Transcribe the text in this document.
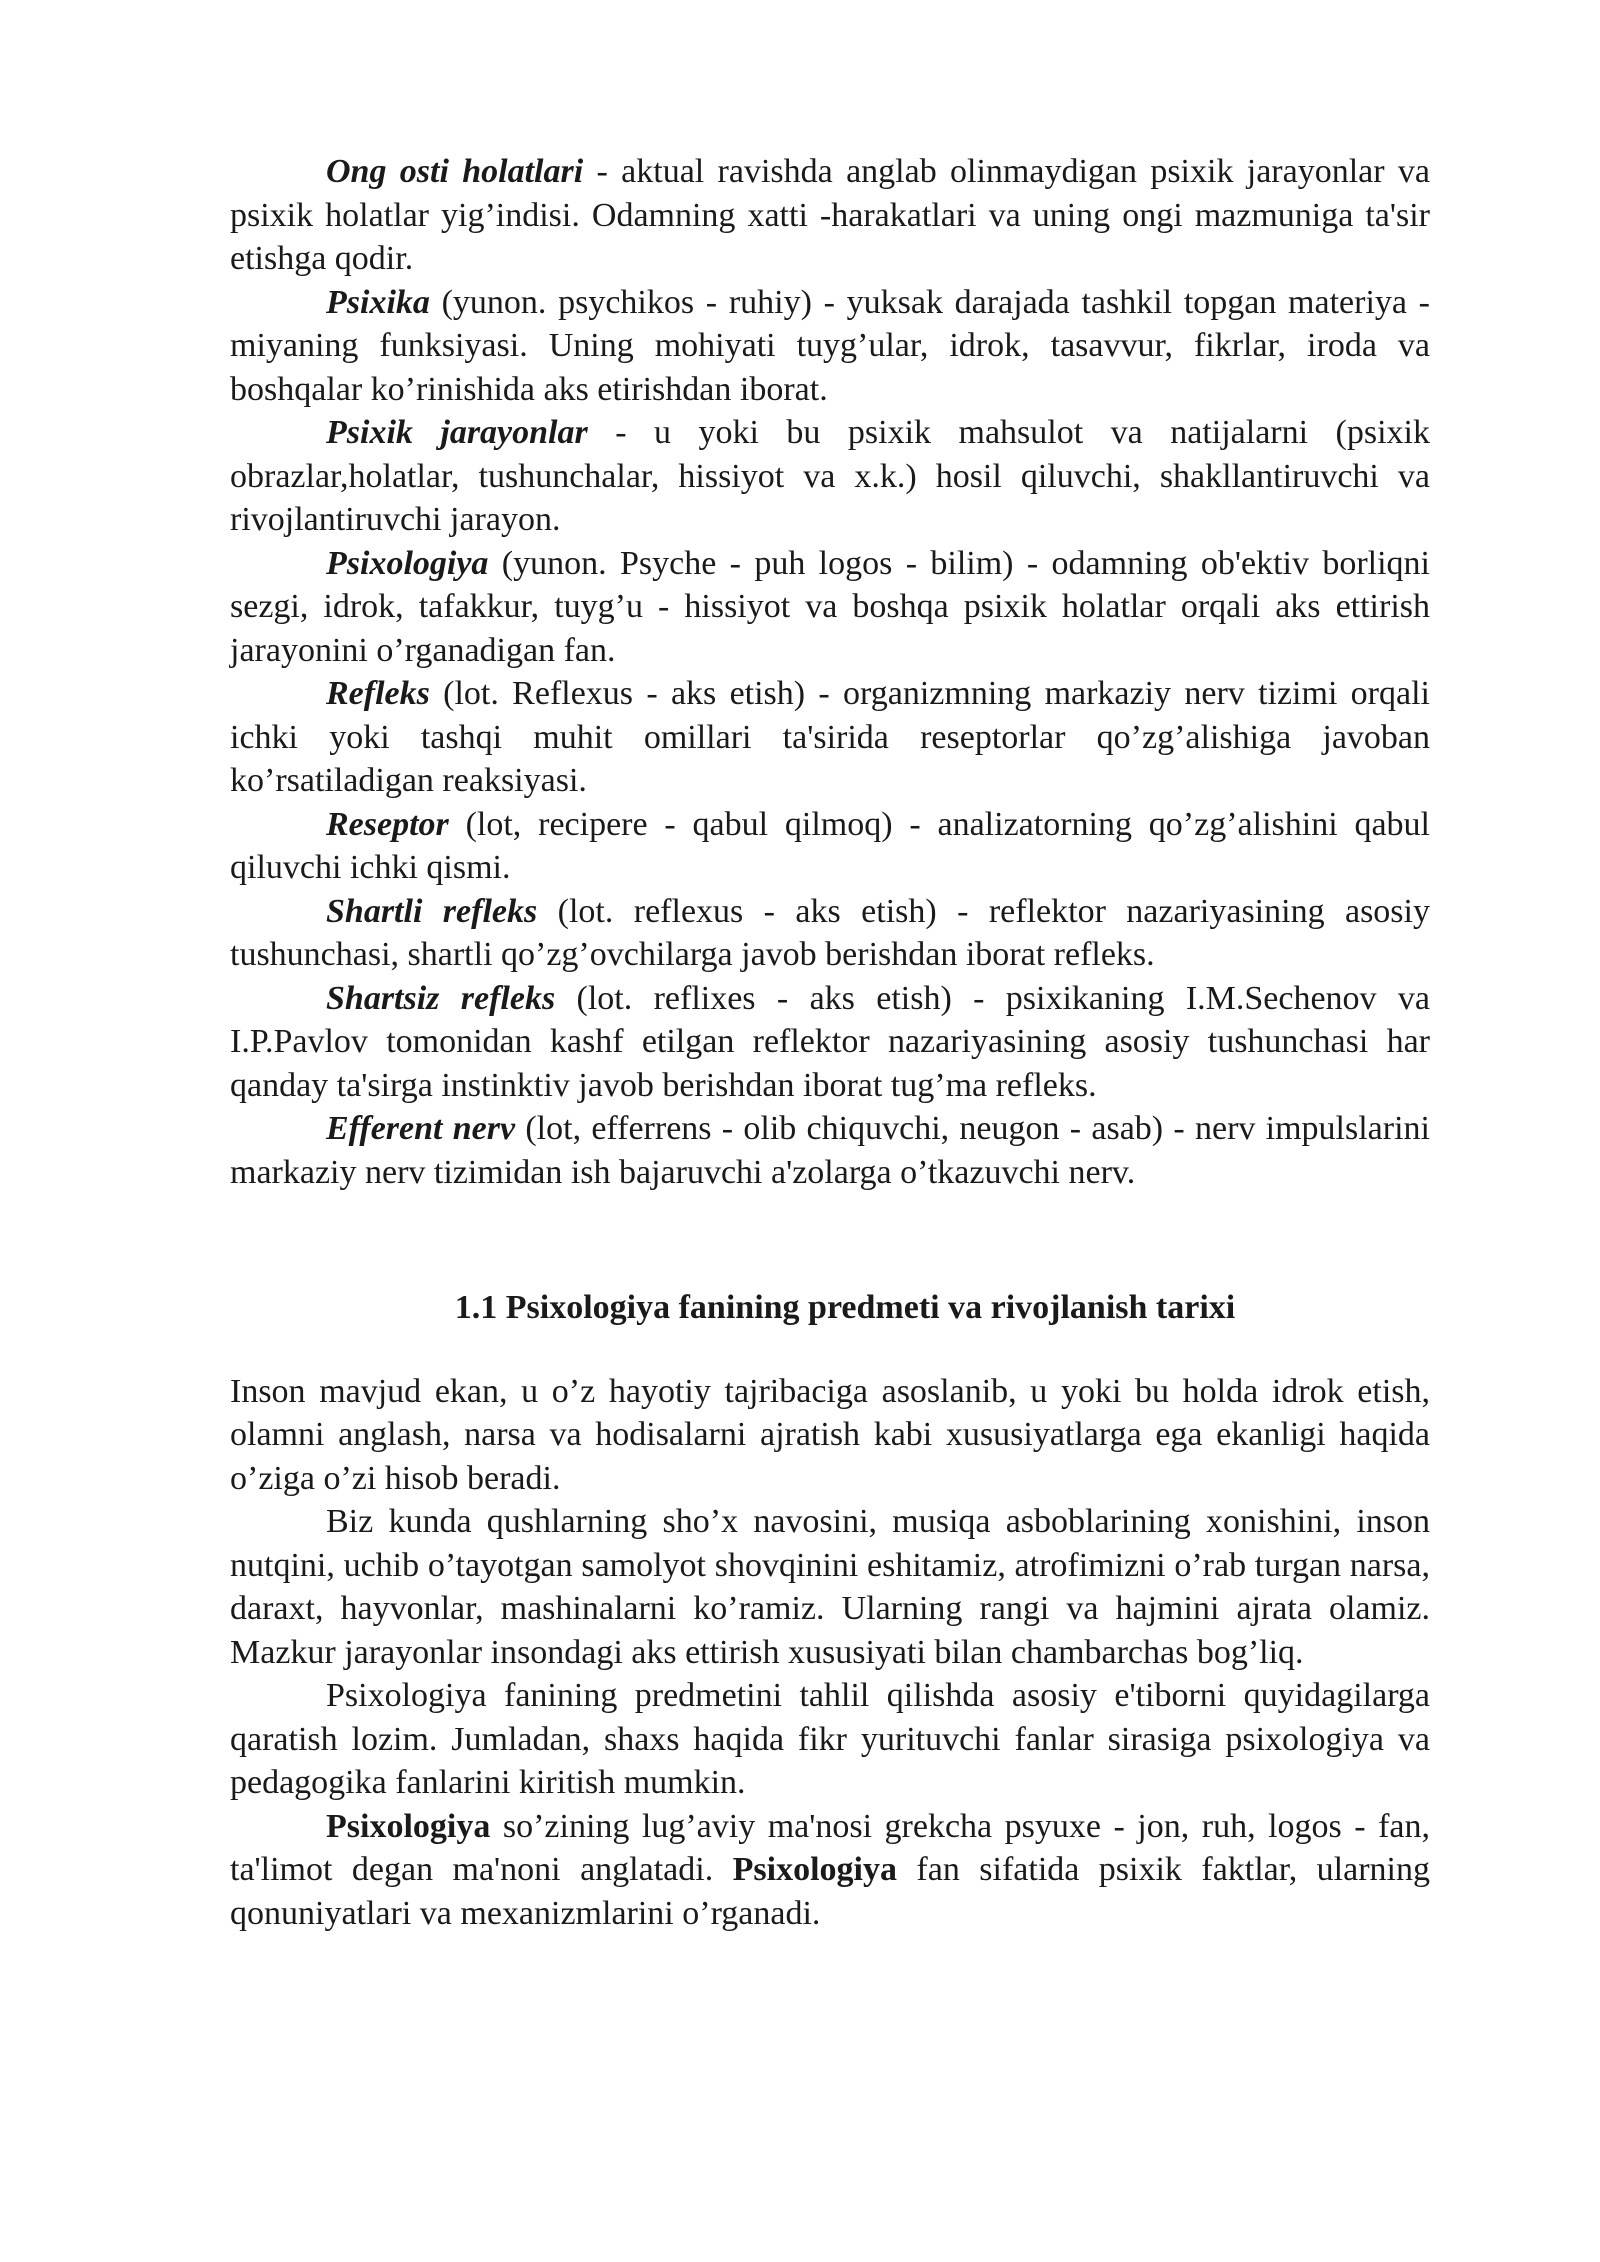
Ong osti holatlari - aktual ravishda anglab olinmaydigan psixik jarayonlar va psixik holatlar yig’indisi. Odamning xatti -harakatlari va uning ongi mazmuniga ta'sir etishga qodir.

Psixika (yunon. psychikos - ruhiy) - yuksak darajada tashkil topgan materiya - miyaning funksiyasi. Uning mohiyati tuyg’ular, idrok, tasavvur, fikrlar, iroda va boshqalar ko’rinishida aks etirishdan iborat.

Psixik jarayonlar - u yoki bu psixik mahsulot va natijalarni (psixik obrazlar,holatlar, tushunchalar, hissiyot va x.k.) hosil qiluvchi, shakllantiruvchi va rivojlantiruvchi jarayon.

Psixologiya (yunon. Psyche - puh logos - bilim) - odamning ob'ektiv borliqni sezgi, idrok, tafakkur, tuyg’u - hissiyot va boshqa psixik holatlar orqali aks ettirish jarayonini o’rganadigan fan.

Refleks (lot. Reflexus - aks etish) - organizmning markaziy nerv tizimi orqali ichki yoki tashqi muhit omillari ta'sirida reseptorlar qo’zg’alishiga javoban ko’rsatiladigan reaksiyasi.

Reseptor (lot, recipere - qabul qilmoq) - analizatorning qo’zg’alishini qabul qiluvchi ichki qismi.

Shartli refleks (lot. reflexus - aks etish) - reflektor nazariyasining asosiy tushunchasi, shartli qo’zg’ovchilarga javob berishdan iborat refleks.

Shartsiz refleks (lot. reflixes - aks etish) - psixikaning I.M.Sechenov va I.P.Pavlov tomonidan kashf etilgan reflektor nazariyasining asosiy tushunchasi har qanday ta'sirga instinktiv javob berishdan iborat tug’ma refleks.

Efferent nerv (lot, efferrens - olib chiquvchi, neugon - asab) - nerv impulslarini markaziy nerv tizimidan ish bajaruvchi a'zolarga o’tkazuvchi nerv.

1.1 Psixologiya fanining predmeti va rivojlanish tarixi

Inson mavjud ekan, u o’z hayotiy tajribaciga asoslanib, u yoki bu holda idrok etish, olamni anglash, narsa va hodisalarni ajratish kabi xususiyatlarga ega ekanligi haqida o’ziga o’zi hisob beradi.

Biz kunda qushlarning sho’x navosini, musiqa asboblarining xonishini, inson nutqini, uchib o’tayotgan samolyot shovqinini eshitamiz, atrofimizni o’rab turgan narsa, daraxt, hayvonlar, mashinalarni ko’ramiz. Ularning rangi va hajmini ajrata olamiz. Mazkur jarayonlar insondagi aks ettirish xususiyati bilan chambarchas bog’liq.

Psixologiya fanining predmetini tahlil qilishda asosiy e'tiborni quyidagilarga qaratish lozim. Jumladan, shaxs haqida fikr yurituvchi fanlar sirasiga psixologiya va pedagogika fanlarini kiritish mumkin.

Psixologiya so’zining lug’aviy ma'nosi grekcha psyuxe - jon, ruh, logos - fan, ta'limot degan ma'noni anglatadi. Psixologiya fan sifatida psixik faktlar, ularning qonuniyatlari va mexanizmlarini o’rganadi.
